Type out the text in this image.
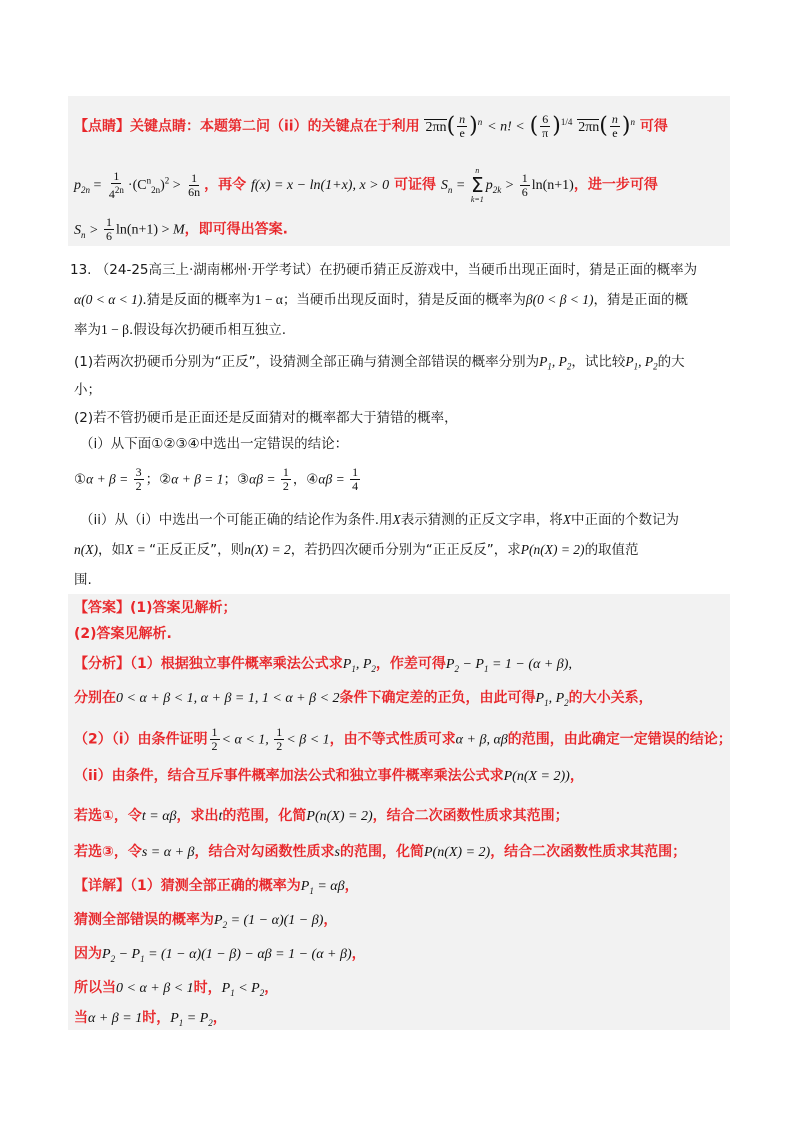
【点睛】关键点睛：本题第二问（ii）的关键点在于利用 $2\pi n( \frac{n}{e} )^n < n$! < ( $\frac{6}{\pi} )^{1/4}$ $2\pi n( \frac{n}{e} )^n$ 可得
$p_{2n} = \frac{1}{4^{2n}} \cdot(C^n_{2n})^2 > \frac{1}{6n}$ ，再令 f(x) = x − ln(1+x), x > 0 可证得 $S_n$ =
n
Σ
k=1
$p_{2k} > \frac{1}{6} \ln(n+1)$，进一步可得
$S_n > \frac{1}{6} \ln(n+1) > M$，即可得出答案.
13. （24-25高三上·湖南郴州·开学考试）在扔硬币猜正反游戏中，当硬币出现正面时，猜是正面的概率为
α(0 < α < 1).猜是反面的概率为1 − α；当硬币出现反面时，猜是反面的概率为β(0 < β < 1)，猜是正面的概
率为1 − β.假设每次扔硬币相互独立.
(1)若两次扔硬币分别为“正反”，设猜测全部正确与猜测全部错误的概率分别为$P_1$, $P_2$，试比较$P_1$, $P_2$的大
小；
(2)若不管扔硬币是正面还是反面猜对的概率都大于猜错的概率，
（i）从下面①②③④中选出一定错误的结论：
①α + $\beta = \frac{3}{2}$ ；②α + β = 1；③αβ = $\frac{1}{2}$ ，④αβ = $\frac{1}{4}$
（ii）从（i）中选出一个可能正确的结论作为条件.用X表示猜测的正反文字串，将X中正面的个数记为
n(X)，如X = “正反正反”，则n(X) = 2，若扔四次硬币分别为“正正反反”，求P(n(X) = 2)的取值范
围.
【答案】(1)答案见解析；
(2)答案见解析.
【分析】（1）根据独立事件概率乘法公式求$P_1$, $P_2$，作差可得$P_2 - P_1 = 1 - (\alpha + \beta)$,
分别在0 < α + β < 1, α + β = 1, 1 < α + β < 2条件下确定差的正负，由此可得$P_1$, $P_2$的大小关系，
（2）（i）由条件证明 $\frac{1}{2} < \alpha < 1$, $\frac{1}{2} < \beta < 1$，由不等式性质可求α + β, αβ的范围，由此确定一定错误的结论；
（ii）由条件，结合互斥事件概率加法公式和独立事件概率乘法公式求P(n(X = 2))，
若选①，令t = αβ，求出t的范围，化简P(n(X) = 2)，结合二次函数性质求其范围；
若选③，令s = α + β，结合对勾函数性质求s的范围，化简P(n(X) = 2)，结合二次函数性质求其范围；
【详解】（1）猜测全部正确的概率为$P_1 = \alpha\beta$，
猜测全部错误的概率为$P_2 = (1 - \alpha)(1 - \beta)$，
因为$P_2 - P_1 = (1 - \alpha)(1 - \beta) - \alpha\beta = 1 - (\alpha + \beta)$，
所以当0 < α + β < 1时，$P_1 < P_2$，
当α + β = 1时，$P_1 = P_2$，
